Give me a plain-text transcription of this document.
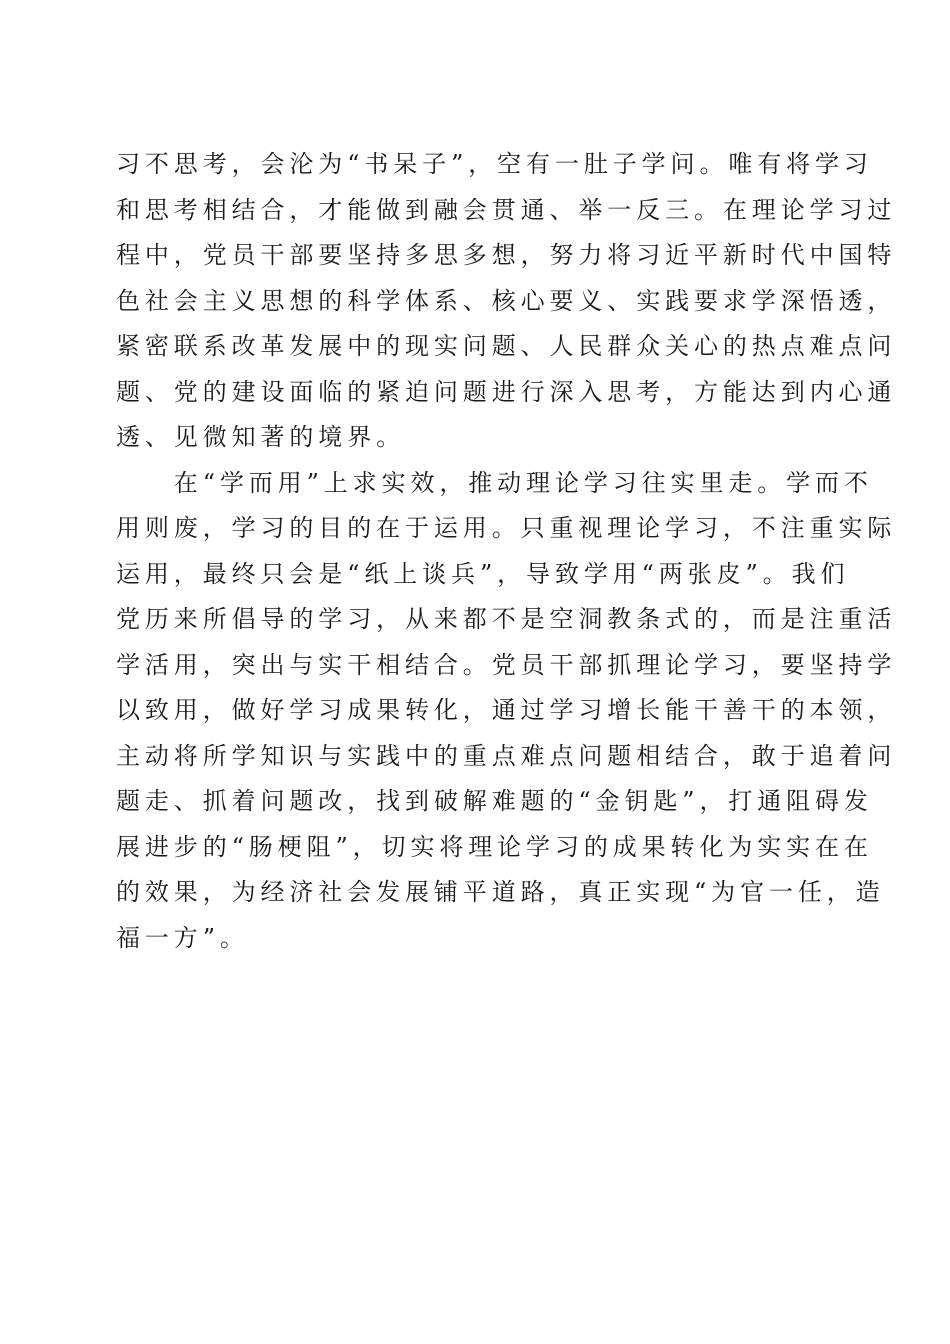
习不思考，会沦为“书呆子”，空有一肚子学问。唯有将学习
和思考相结合，才能做到融会贯通、举一反三。在理论学习过
程中，党员干部要坚持多思多想，努力将习近平新时代中国特
色社会主义思想的科学体系、核心要义、实践要求学深悟透，
紧密联系改革发展中的现实问题、人民群众关心的热点难点问
题、党的建设面临的紧迫问题进行深入思考，方能达到内心通
透、见微知著的境界。
　　在“学而用”上求实效，推动理论学习往实里走。学而不
用则废，学习的目的在于运用。只重视理论学习，不注重实际
运用，最终只会是“纸上谈兵”，导致学用“两张皮”。我们
党历来所倡导的学习，从来都不是空洞教条式的，而是注重活
学活用，突出与实干相结合。党员干部抓理论学习，要坚持学
以致用，做好学习成果转化，通过学习增长能干善干的本领，
主动将所学知识与实践中的重点难点问题相结合，敢于追着问
题走、抓着问题改，找到破解难题的“金钥匙”，打通阻碍发
展进步的“肠梗阻”，切实将理论学习的成果转化为实实在在
的效果，为经济社会发展铺平道路，真正实现“为官一任，造
福一方”。
